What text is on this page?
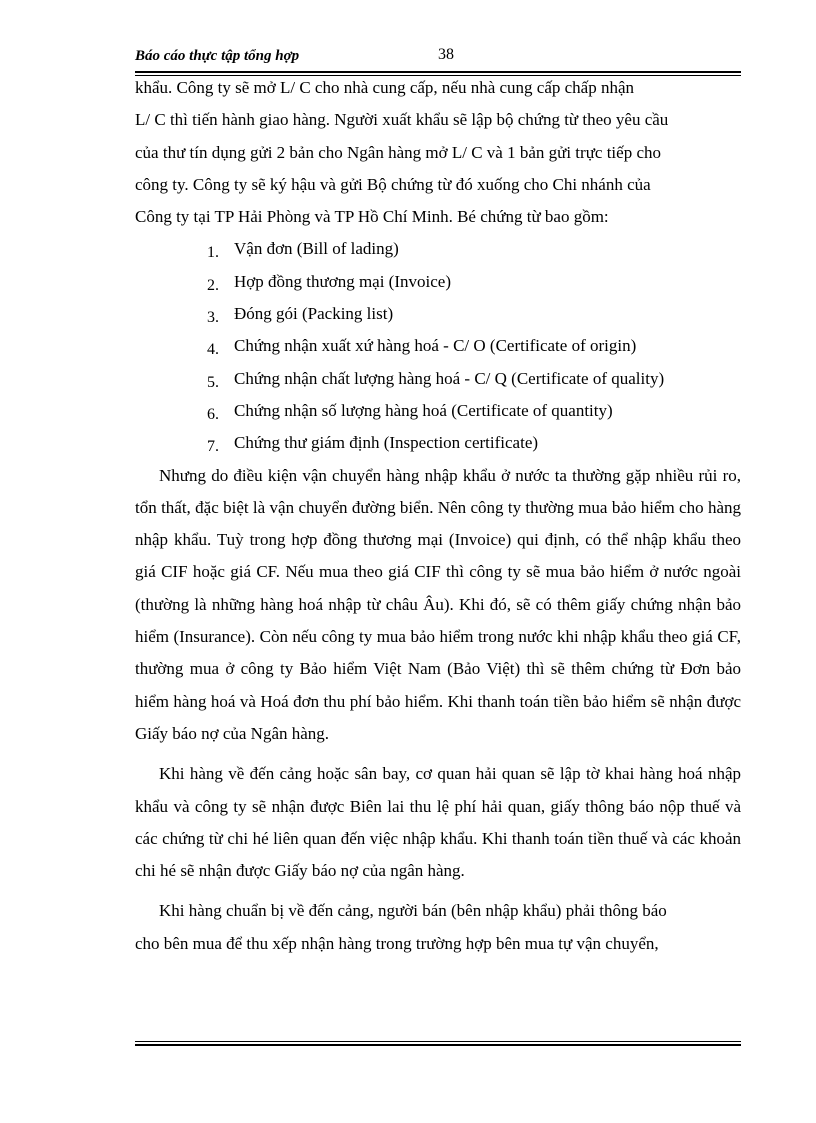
Báo cáo thực tập tổng hợp	38

khẩu. Công ty sẽ mở L/ C cho nhà cung cấp, nếu nhà cung cấp chấp nhận

L/ C thì tiến hành giao hàng. Người xuất khẩu sẽ lập bộ chứng từ theo yêu cầu

của thư tín dụng gửi 2 bản cho Ngân hàng mở L/ C và 1 bản gửi trực tiếp cho

công ty. Công ty sẽ ký hậu và gửi Bộ chứng từ đó xuống cho Chi nhánh của

Công ty tại TP Hải Phòng và TP Hồ Chí Minh. Bé chứng từ bao gồm:

1. Vận đơn (Bill of lading)
2. Hợp đồng thương mại (Invoice)
3. Đóng gói (Packing list)
4. Chứng nhận xuất xứ hàng hoá - C/ O (Certificate of origin)
5. Chứng nhận chất lượng hàng hoá - C/ Q (Certificate of quality)
6. Chứng nhận số lượng hàng hoá (Certificate of quantity)
7. Chứng thư giám định (Inspection certificate)

Nhưng do điều kiện vận chuyển hàng nhập khẩu ở nước ta thường gặp nhiều rủi ro, tổn thất, đặc biệt là vận chuyển đường biển. Nên công ty thường mua bảo hiểm cho hàng nhập khẩu. Tuỳ trong hợp đồng thương mại (Invoice) qui định, có thể nhập khẩu theo giá CIF hoặc giá CF. Nếu mua theo giá CIF thì công ty sẽ mua bảo hiểm ở nước ngoài (thường là những hàng hoá nhập từ châu Âu). Khi đó, sẽ có thêm giấy chứng nhận bảo hiểm (Insurance). Còn nếu công ty mua bảo hiểm trong nước khi nhập khẩu theo giá CF, thường mua ở công ty Bảo hiểm Việt Nam (Bảo Việt) thì sẽ thêm chứng từ Đơn bảo hiểm hàng hoá và Hoá đơn thu phí bảo hiểm. Khi thanh toán tiền bảo hiểm sẽ nhận được Giấy báo nợ của Ngân hàng.

Khi hàng về đến cảng hoặc sân bay, cơ quan hải quan sẽ lập tờ khai hàng hoá nhập khẩu và công ty sẽ nhận được Biên lai thu lệ phí hải quan, giấy thông báo nộp thuế và các chứng từ chi hé liên quan đến việc nhập khẩu. Khi thanh toán tiền thuế và các khoản chi hé sẽ nhận được Giấy báo nợ của ngân hàng.

Khi hàng chuẩn bị về đến cảng, người bán (bên nhập khẩu) phải thông báo

cho bên mua để thu xếp nhận hàng trong trường hợp bên mua tự vận chuyển,
